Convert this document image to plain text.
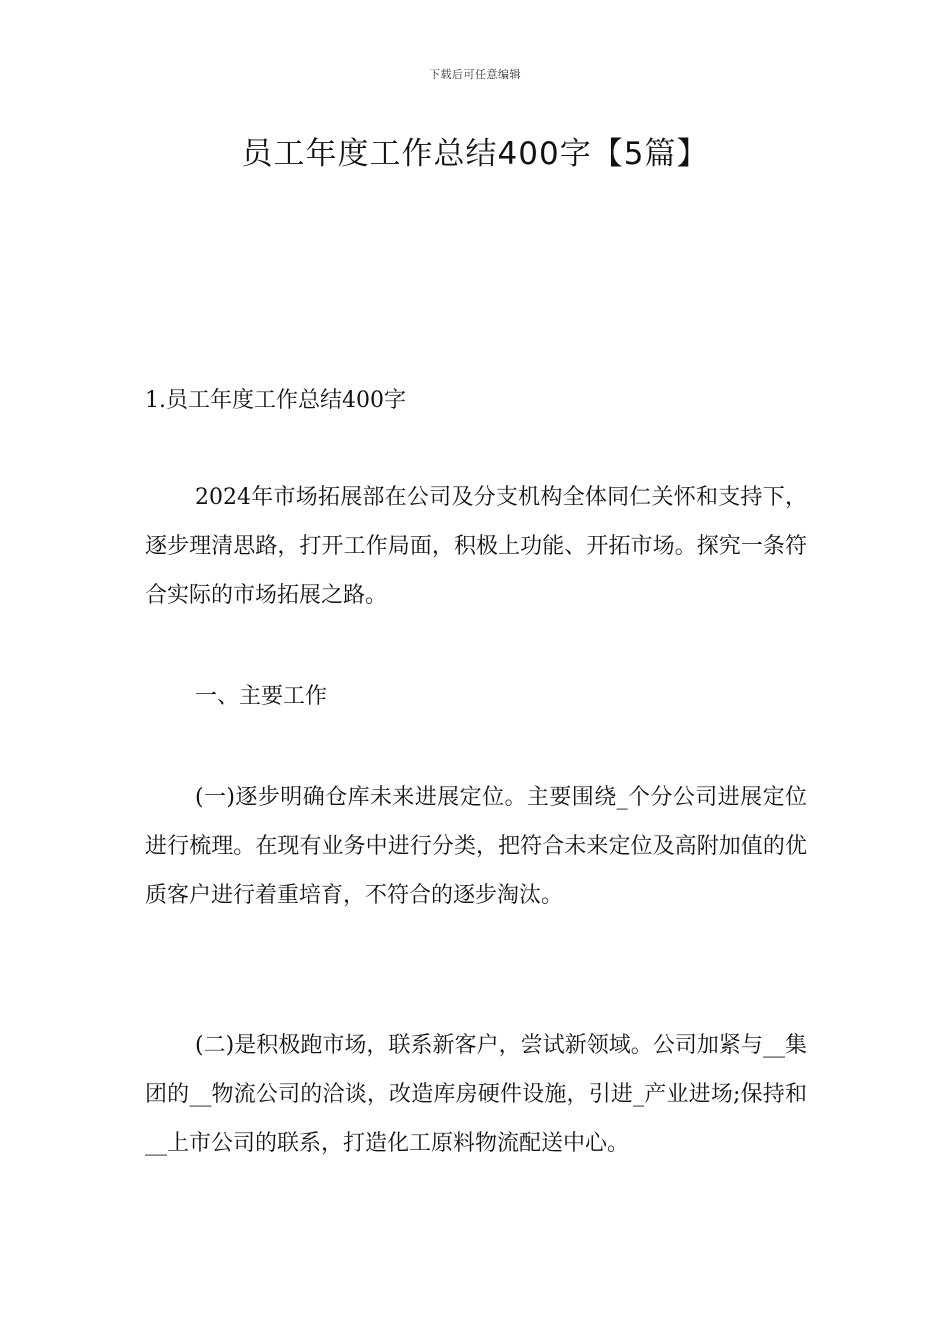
下载后可任意编辑
员工年度工作总结400字【5篇】
1.员工年度工作总结400字

2024年市场拓展部在公司及分支机构全体同仁关怀和支持下，逐步理清思路，打开工作局面，积极上功能、开拓市场。探究一条符合实际的市场拓展之路。

一、主要工作

(一)逐步明确仓库未来进展定位。主要围绕_个分公司进展定位进行梳理。在现有业务中进行分类，把符合未来定位及高附加值的优质客户进行着重培育，不符合的逐步淘汰。

(二)是积极跑市场，联系新客户，尝试新领域。公司加紧与__集团的__物流公司的洽谈，改造库房硬件设施，引进_产业进场;保持和__上市公司的联系，打造化工原料物流配送中心。
